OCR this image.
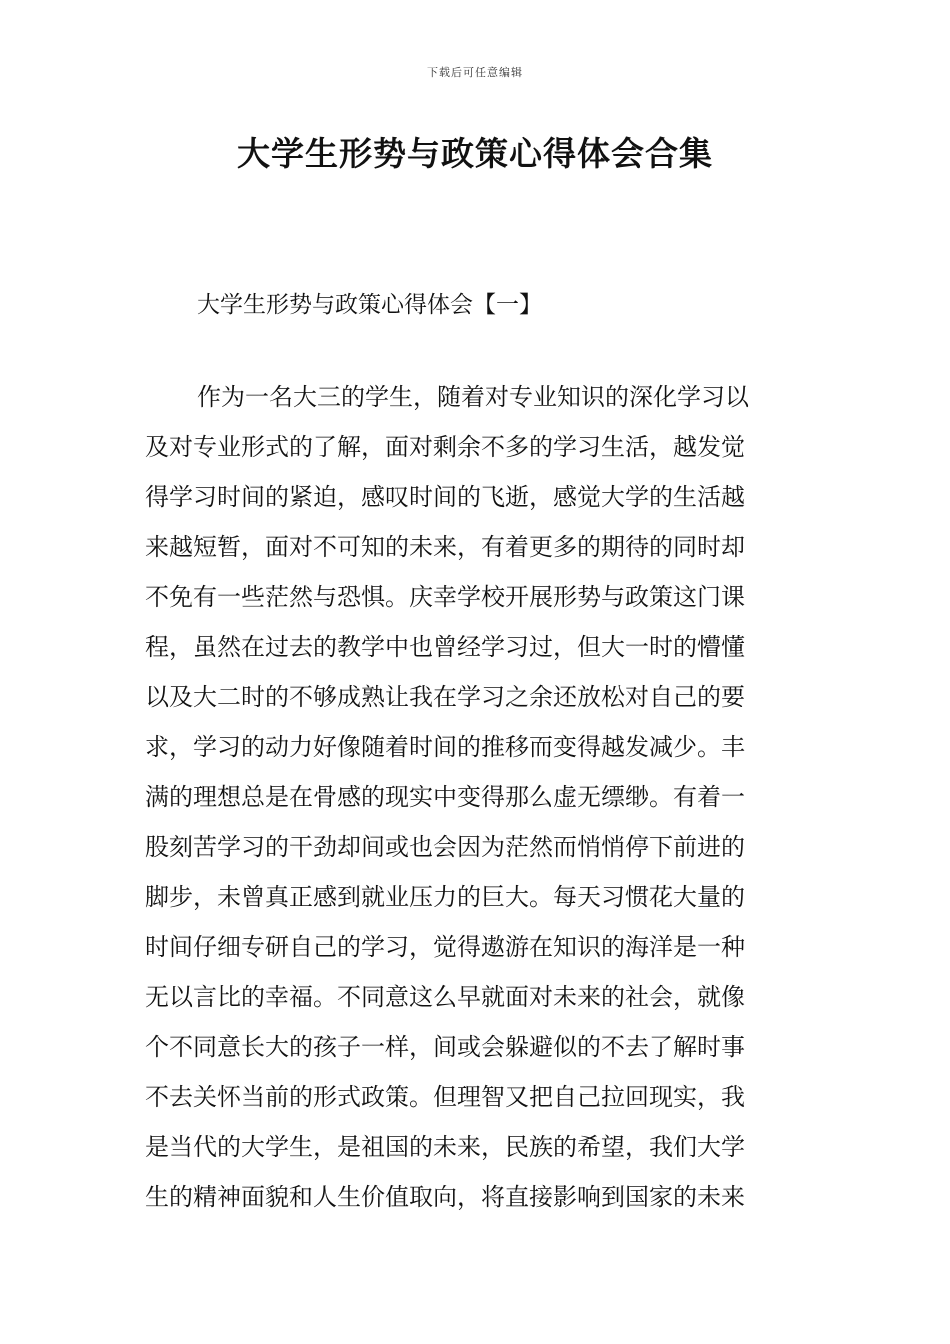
下载后可任意编辑
大学生形势与政策心得体会合集
大学生形势与政策心得体会【一】
作为一名大三的学生，随着对专业知识的深化学习以
及对专业形式的了解，面对剩余不多的学习生活，越发觉
得学习时间的紧迫，感叹时间的飞逝，感觉大学的生活越
来越短暂，面对不可知的未来，有着更多的期待的同时却
不免有一些茫然与恐惧。庆幸学校开展形势与政策这门课
程，虽然在过去的教学中也曾经学习过，但大一时的懵懂
以及大二时的不够成熟让我在学习之余还放松对自己的要
求，学习的动力好像随着时间的推移而变得越发减少。丰
满的理想总是在骨感的现实中变得那么虚无缥缈。有着一
股刻苦学习的干劲却间或也会因为茫然而悄悄停下前进的
脚步，未曾真正感到就业压力的巨大。每天习惯花大量的
时间仔细专研自己的学习，觉得遨游在知识的海洋是一种
无以言比的幸福。不同意这么早就面对未来的社会，就像
个不同意长大的孩子一样，间或会躲避似的不去了解时事
不去关怀当前的形式政策。但理智又把自己拉回现实，我
是当代的大学生，是祖国的未来，民族的希望，我们大学
生的精神面貌和人生价值取向，将直接影响到国家的未来
